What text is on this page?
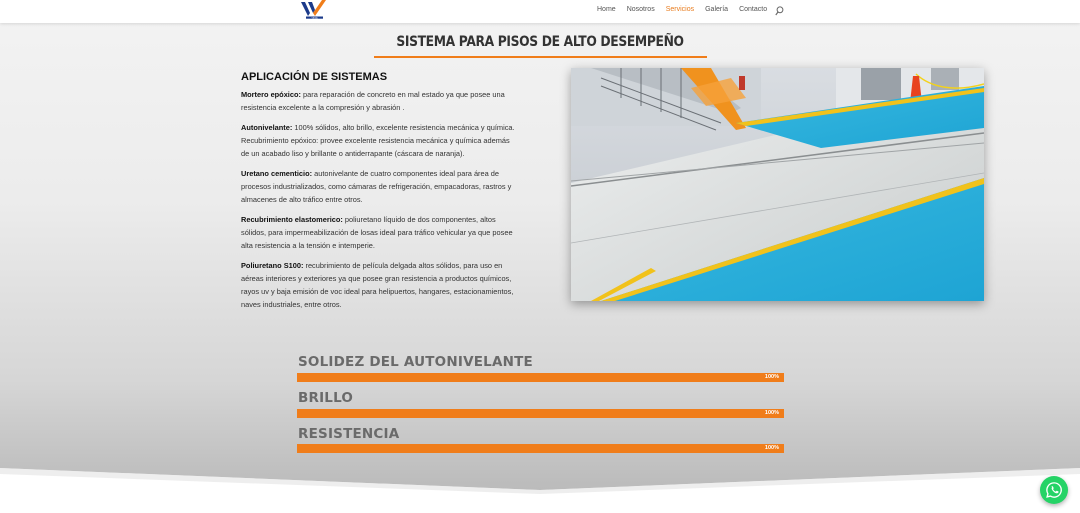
VEGA
Home Nosotros Servicios Galería Contacto
SISTEMA PARA PISOS DE ALTO DESEMPEÑO
APLICACIÓN DE SISTEMAS

Mortero epóxico: para reparación de concreto en mal estado ya que posee una resistencia excelente a la compresión y abrasión .

Autonivelante: 100% sólidos, alto brillo, excelente resistencia mecánica y química. Recubrimiento epóxico: provee excelente resistencia mecánica y química además de un acabado liso y brillante o antiderrapante (cáscara de naranja).

Uretano cementicio: autonivelante de cuatro componentes ideal para área de procesos industrializados, como cámaras de refrigeración, empacadoras, rastros y almacenes de alto tráfico entre otros.

Recubrimiento elastomerico: poliuretano líquido de dos componentes, altos sólidos, para impermeabilización de losas ideal para tráfico vehicular ya que posee alta resistencia a la tensión e intemperie.

Poliuretano S100: recubrimiento de película delgada altos sólidos, para uso en aéreas interiores y exteriores ya que posee gran resistencia a productos químicos, rayos uv y baja emisión de voc ideal para helipuertos, hangares, estacionamientos, naves industriales, entre otros.

SOLIDEZ DEL AUTONIVELANTE
100%
BRILLO
100%
RESISTENCIA
100%
